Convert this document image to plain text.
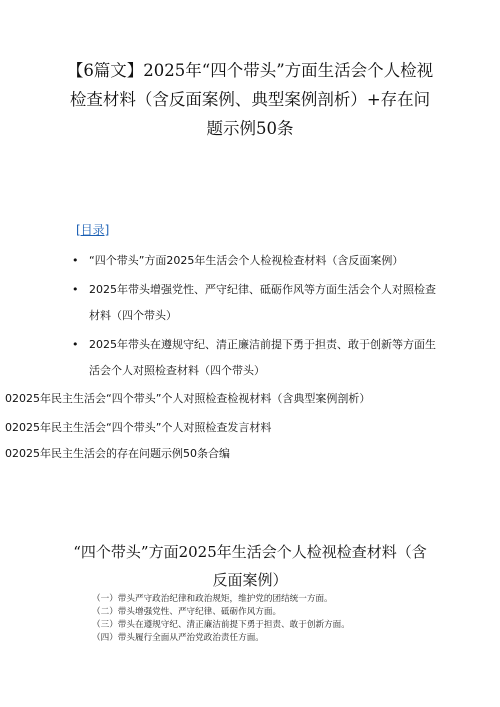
【6篇文】2025年“四个带头”方面生活会个人检视检查材料（含反面案例、典型案例剖析）+存在问题示例50条
[目录]
• “四个带头”方面2025年生活会个人检视检查材料（含反面案例）
• 2025年带头增强党性、严守纪律、砥砺作风等方面生活会个人对照检查材料（四个带头）
• 2025年带头在遵规守纪、清正廉洁前提下勇于担责、敢于创新等方面生活会个人对照检查材料（四个带头）
02025年民主生活会“四个带头”个人对照检查检视材料（含典型案例剖析）
02025年民主生活会“四个带头”个人对照检查发言材料
02025年民主生活会的存在问题示例50条合编
“四个带头”方面2025年生活会个人检视检查材料（含反面案例）
（一）带头严守政治纪律和政治规矩，维护党的团结统一方面。
（二）带头增强党性、严守纪律、砥砺作风方面。
（三）带头在遵规守纪、清正廉洁前提下勇于担责、敢于创新方面。
（四）带头履行全面从严治党政治责任方面。
